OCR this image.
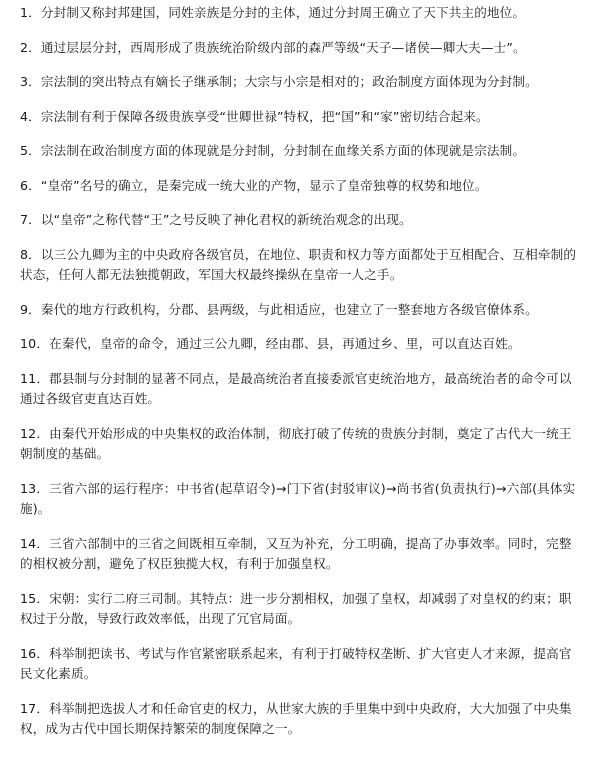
1．分封制又称封邦建国，同姓亲族是分封的主体，通过分封周王确立了天下共主的地位。

2．通过层层分封，西周形成了贵族统治阶级内部的森严等级“天子—诸侯—卿大夫—士”。

3．宗法制的突出特点有嫡长子继承制；大宗与小宗是相对的；政治制度方面体现为分封制。

4．宗法制有利于保障各级贵族享受“世卿世禄”特权，把“国”和“家”密切结合起来。

5．宗法制在政治制度方面的体现就是分封制，分封制在血缘关系方面的体现就是宗法制。

6．“皇帝”名号的确立，是秦完成一统大业的产物，显示了皇帝独尊的权势和地位。

7．以“皇帝”之称代替“王”之号反映了神化君权的新统治观念的出现。

8．以三公九卿为主的中央政府各级官员，在地位、职责和权力等方面都处于互相配合、互相牵制的状态，任何人都无法独揽朝政，军国大权最终操纵在皇帝一人之手。

9．秦代的地方行政机构，分郡、县两级，与此相适应，也建立了一整套地方各级官僚体系。

10．在秦代，皇帝的命令，通过三公九卿，经由郡、县，再通过乡、里，可以直达百姓。

11．郡县制与分封制的显著不同点，是最高统治者直接委派官吏统治地方，最高统治者的命令可以通过各级官吏直达百姓。

12．由秦代开始形成的中央集权的政治体制，彻底打破了传统的贵族分封制，奠定了古代大一统王朝制度的基础。

13．三省六部的运行程序：中书省(起草诏令)→门下省(封驳审议)→尚书省(负责执行)→六部(具体实施)。

14．三省六部制中的三省之间既相互牵制，又互为补充，分工明确，提高了办事效率。同时，完整的相权被分割，避免了权臣独揽大权，有利于加强皇权。

15．宋朝：实行二府三司制。其特点：进一步分割相权，加强了皇权，却减弱了对皇权的约束；职权过于分散，导致行政效率低，出现了冗官局面。

16．科举制把读书、考试与作官紧密联系起来，有利于打破特权垄断、扩大官吏人才来源，提高官民文化素质。

17．科举制把选拔人才和任命官吏的权力，从世家大族的手里集中到中央政府，大大加强了中央集权，成为古代中国长期保持繁荣的制度保障之一。
